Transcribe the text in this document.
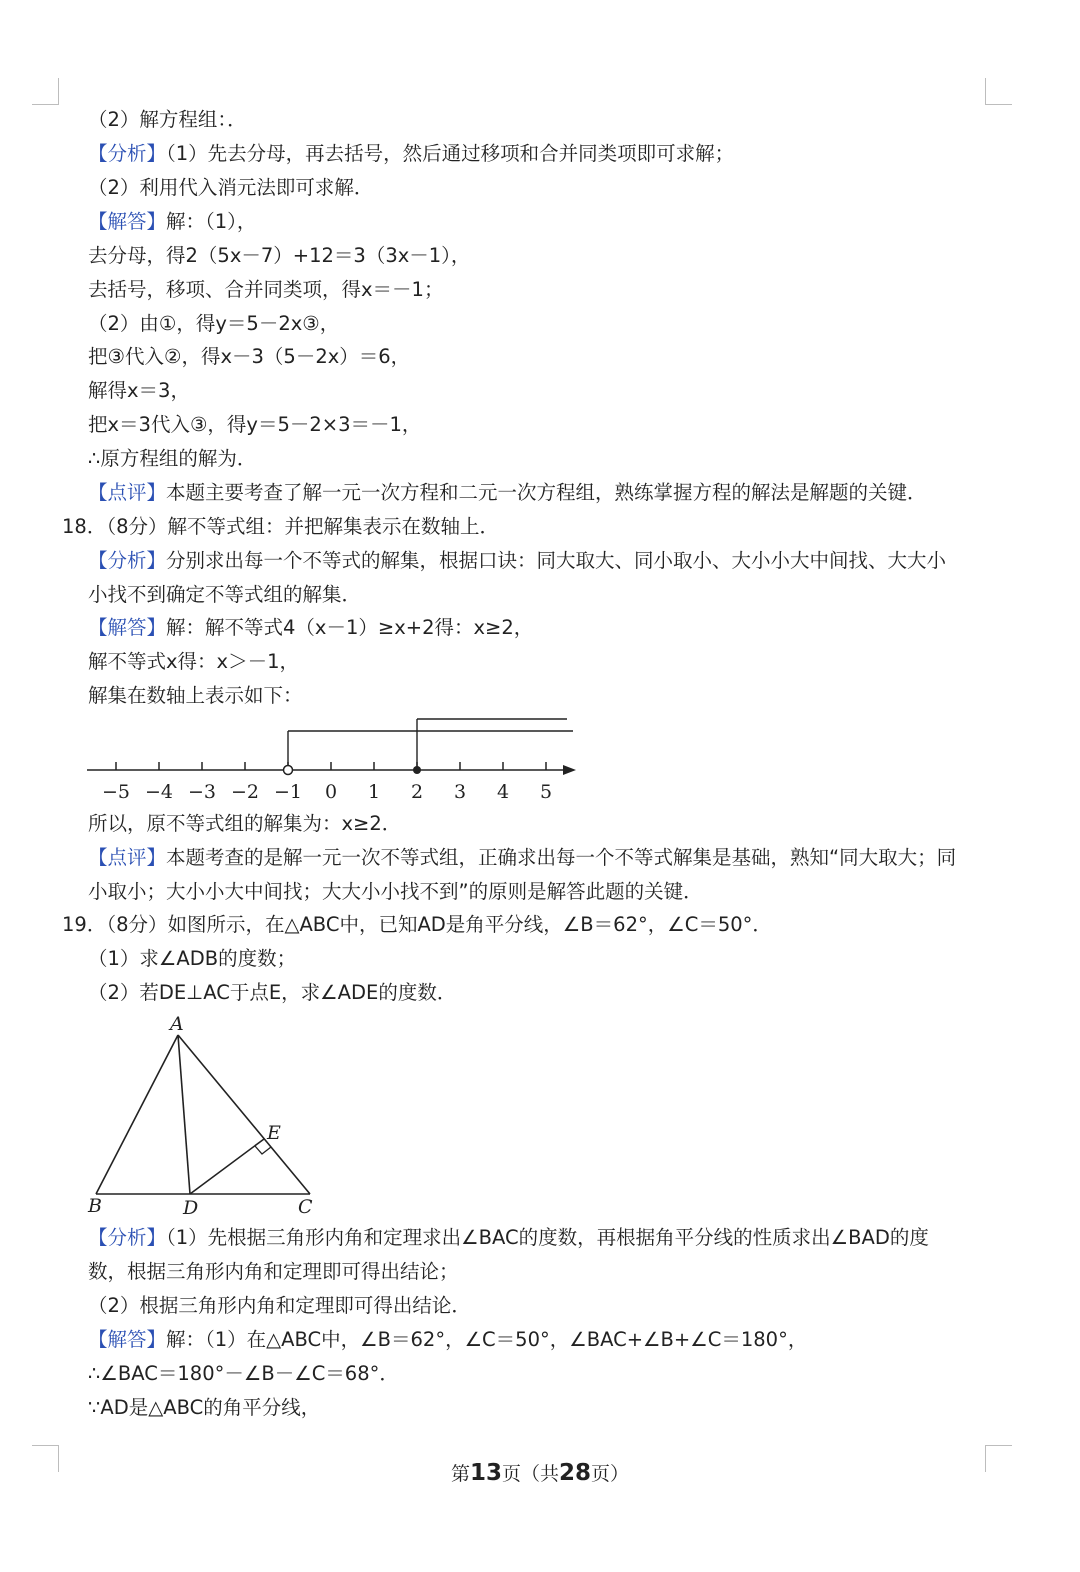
（2）解方程组：．
【分析】（1）先去分母，再去括号，然后通过移项和合并同类项即可求解；
（2）利用代入消元法即可求解．
【解答】解：（1），
去分母，得2（5x－7）+12＝3（3x－1），
去括号，移项、合并同类项，得x＝－1；
（2）由①，得y＝5－2x③，
把③代入②，得x－3（5－2x）＝6，
解得x＝3，
把x＝3代入③，得y＝5－2×3＝－1，
∴原方程组的解为．
【点评】本题主要考查了解一元一次方程和二元一次方程组，熟练掌握方程的解法是解题的关键．
18．（8分）解不等式组：并把解集表示在数轴上．
【分析】分别求出每一个不等式的解集，根据口诀：同大取大、同小取小、大小小大中间找、大大小
小找不到确定不等式组的解集．
【解答】解：解不等式4（x－1）≥x+2得：x≥2，
解不等式x得：x＞－1，
解集在数轴上表示如下：
−5 −4 −3 −2 −1 0 1 2 3 4 5
所以，原不等式组的解集为：x≥2．
【点评】本题考查的是解一元一次不等式组，正确求出每一个不等式解集是基础，熟知“同大取大；同
小取小；大小小大中间找；大大小小找不到”的原则是解答此题的关键．
19．（8分）如图所示，在△ABC中，已知AD是角平分线，∠B＝62°，∠C＝50°．
（1）求∠ADB的度数；
（2）若DE⊥AC于点E，求∠ADE的度数．
A
B	C
D
E
【分析】（1）先根据三角形内角和定理求出∠BAC的度数，再根据角平分线的性质求出∠BAD的度
数，根据三角形内角和定理即可得出结论；
（2）根据三角形内角和定理即可得出结论．
【解答】解：（1）在△ABC中，∠B＝62°，∠C＝50°，∠BAC+∠B+∠C＝180°，
∴∠BAC＝180°－∠B－∠C＝68°．
∵AD是△ABC的角平分线，
第13页（共28页）
